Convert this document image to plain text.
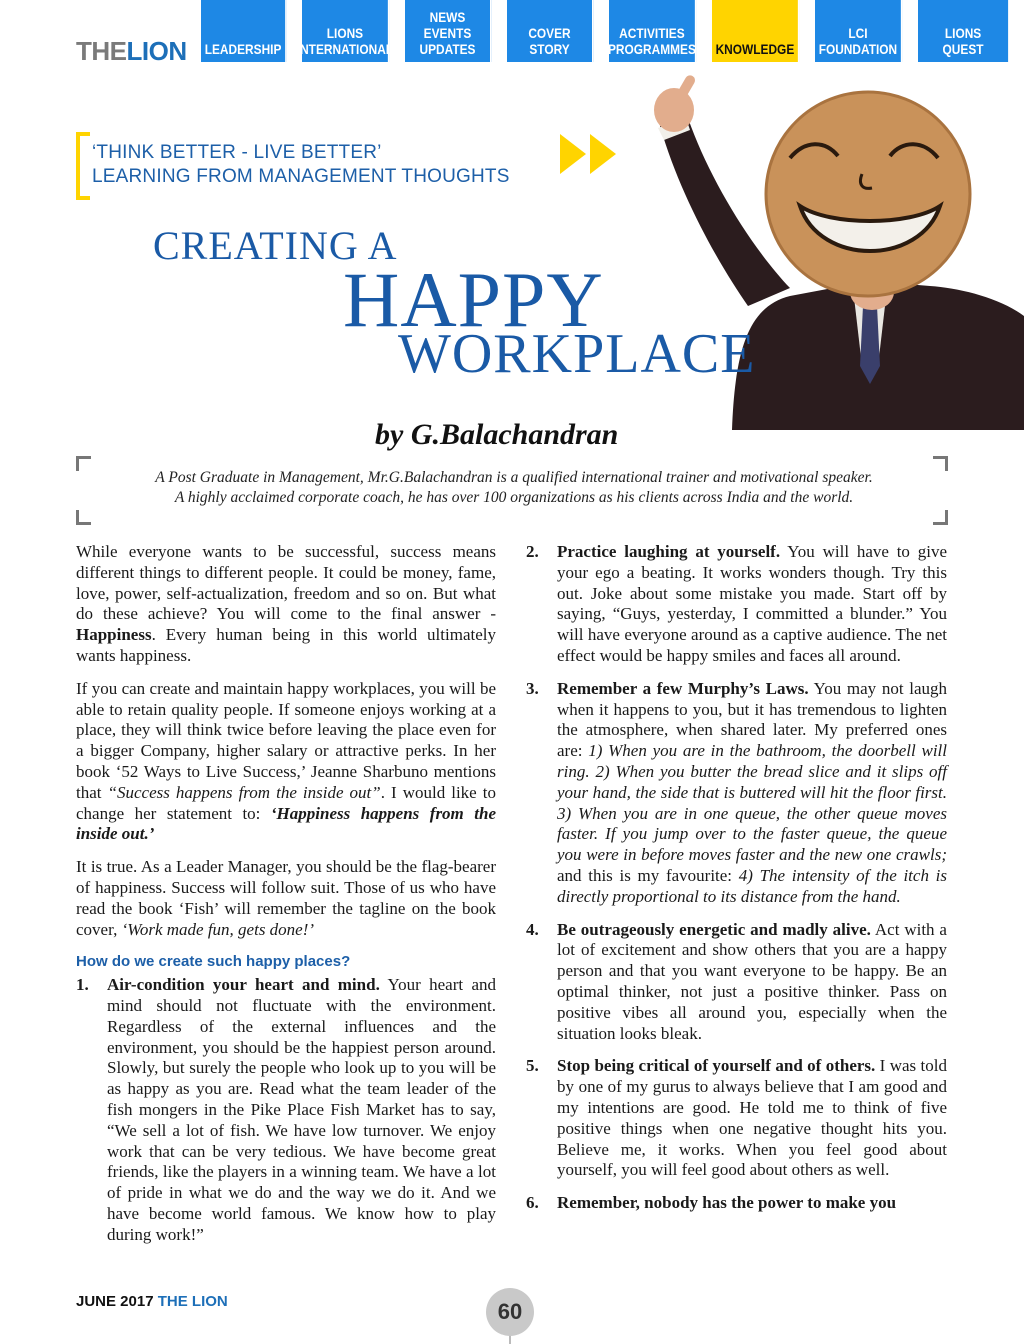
THELION LEADERSHIP
LIONS
INTERNATIONAL
NEWS
EVENTS
UPDATES
COVER STORY
ACTIVITIES
PROGRAMMES KNOWLEDGE
LCI
FOUNDATION
LIONS
QUEST
‘THINK BETTER - LIVE BETTER’
LEARNING FROM MANAGEMENT THOUGHTS
CREATING A
HAPPY
WORKPLACE
by G.Balachandran
A Post Graduate in Management, Mr.G.Balachandran is a qualified international trainer and motivational speaker.
A highly acclaimed corporate coach, he has over 100 organizations as his clients across India and the world.

While everyone wants to be successful, success means different things to different people. It could be money, fame, love, power, self-actualization, freedom and so on. But what do these achieve? You will come to the final answer - Happiness. Every human being in this world ultimately wants happiness.

If you can create and maintain happy workplaces, you will be able to retain quality people. If someone enjoys working at a place, they will think twice before leaving the place even for a bigger Company, higher salary or attractive perks. In her book ‘52 Ways to Live Success,’ Jeanne Sharbuno mentions that “Success happens from the inside out”. I would like to change her statement to: ‘Happiness happens from the inside out.’

It is true. As a Leader Manager, you should be the flag-bearer of happiness. Success will follow suit. Those of us who have read the book ‘Fish’ will remember the tagline on the book cover, ‘Work made fun, gets done!’

How do we create such happy places?
1.	Air-condition your heart and mind. Your heart and mind should not fluctuate with the environment. Regardless of the external influences and the environment, you should be the happiest person around. Slowly, but surely the people who look up to you will be as happy as you are. Read what the team leader of the fish mongers in the Pike Place Fish Market has to say, “We sell a lot of fish. We have low turnover. We enjoy work that can be very tedious. We have become great friends, like the players in a winning team. We have a lot of pride in what we do and the way we do it. And we have become world famous. We know how to play during work!”
2.	Practice laughing at yourself. You will have to give your ego a beating. It works wonders though. Try this out. Joke about some mistake you made. Start off by saying, “Guys, yesterday, I committed a blunder.” You will have everyone around as a captive audience. The net effect would be happy smiles and faces all around.
3.	Remember a few Murphy’s Laws. You may not laugh when it happens to you, but it has tremendous to lighten the atmosphere, when shared later. My preferred ones are: 1) When you are in the bathroom, the doorbell will ring. 2) When you butter the bread slice and it slips off your hand, the side that is buttered will hit the floor first. 3) When you are in one queue, the other queue moves faster. If you jump over to the faster queue, the queue you were in before moves faster and the new one crawls; and this is my favourite: 4) The intensity of the itch is directly proportional to its distance from the hand.
4.	Be outrageously energetic and madly alive. Act with a lot of excitement and show others that you are a happy person and that you want everyone to be happy. Be an optimal thinker, not just a positive thinker. Pass on positive vibes all around you, especially when the situation looks bleak.
5.	Stop being critical of yourself and of others. I was told by one of my gurus to always believe that I am good and my intentions are good. He told me to think of five positive things when one negative thought hits you. Believe me, it works. When you feel good about yourself, you will feel good about others as well.
6.	Remember, nobody has the power to make you
JUNE 2017 THE LION	60
